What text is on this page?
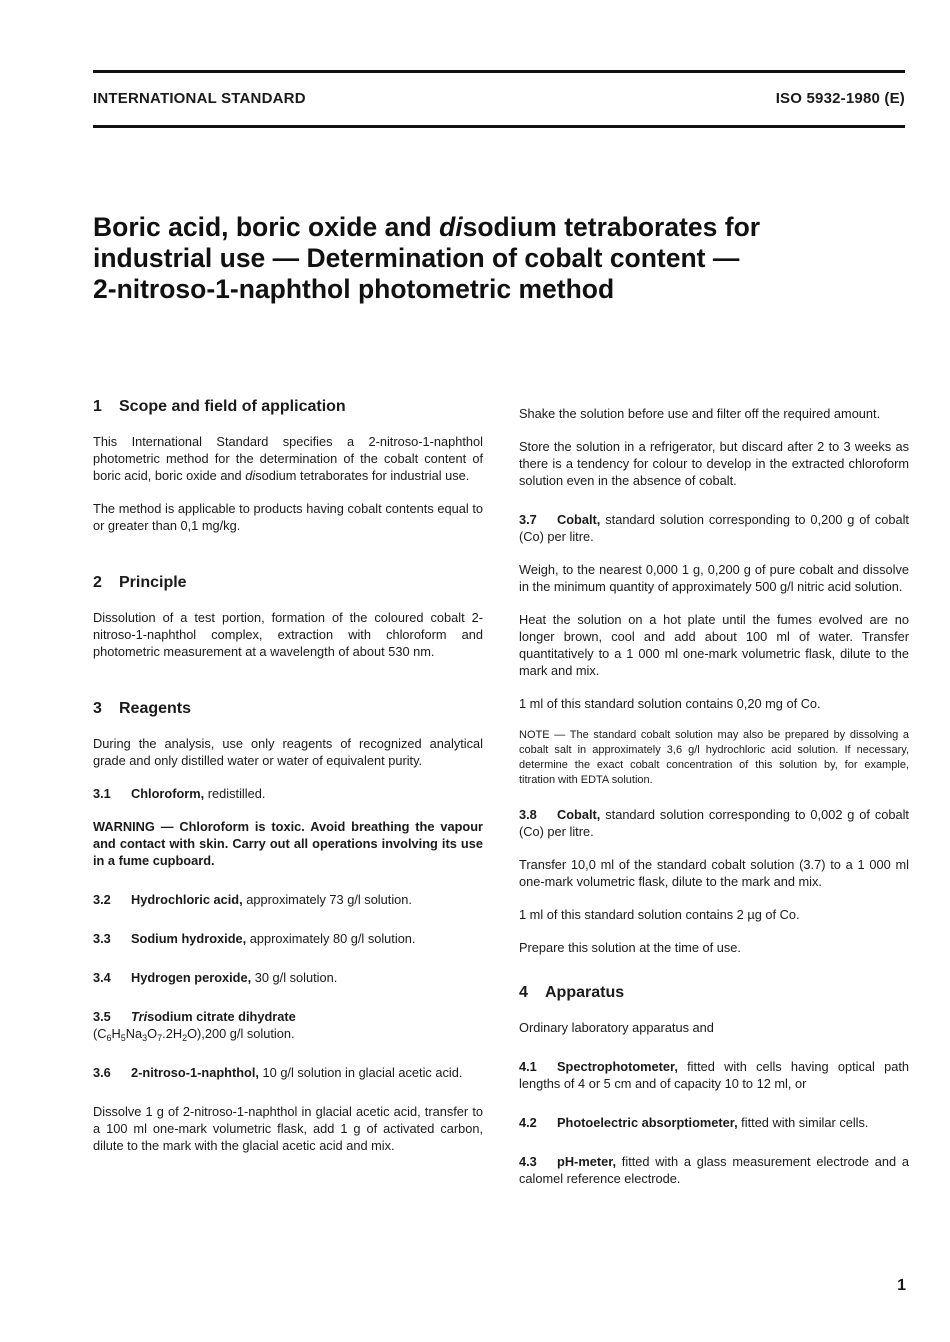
INTERNATIONAL STANDARD	ISO 5932-1980 (E)
Boric acid, boric oxide and disodium tetraborates for
industrial use — Determination of cobalt content —
2-nitroso-1-naphthol photometric method
1 Scope and field of application

This International Standard specifies a 2-nitroso-1-naphthol photometric method for the determination of the cobalt content of boric acid, boric oxide and disodium tetraborates for industrial use.

The method is applicable to products having cobalt contents equal to or greater than 0,1 mg/kg.

2 Principle

Dissolution of a test portion, formation of the coloured cobalt 2-nitroso-1-naphthol complex, extraction with chloroform and photometric measurement at a wavelength of about 530 nm.

3 Reagents

During the analysis, use only reagents of recognized analytical grade and only distilled water or water of equivalent purity.

3.1 Chloroform, redistilled.

WARNING — Chloroform is toxic. Avoid breathing the vapour and contact with skin. Carry out all operations involving its use in a fume cupboard.

3.2 Hydrochloric acid, approximately 73 g/l solution.

3.3 Sodium hydroxide, approximately 80 g/l solution.

3.4 Hydrogen peroxide, 30 g/l solution.

3.5 Trisodium citrate dihydrate
$(C_6H_5Na_3O_7.2H_2O),200$ g/l solution.

3.6 2-nitroso-1-naphthol, 10 g/l solution in glacial acetic acid.

Dissolve 1 g of 2-nitroso-1-naphthol in glacial acetic acid, transfer to a 100 ml one-mark volumetric flask, add 1 g of activated carbon, dilute to the mark with the glacial acetic acid and mix.

Shake the solution before use and filter off the required amount.

Store the solution in a refrigerator, but discard after 2 to 3 weeks as there is a tendency for colour to develop in the extracted chloroform solution even in the absence of cobalt.

3.7 Cobalt, standard solution corresponding to 0,200 g of cobalt (Co) per litre.

Weigh, to the nearest 0,000 1 g, 0,200 g of pure cobalt and dissolve in the minimum quantity of approximately 500 g/l nitric acid solution.

Heat the solution on a hot plate until the fumes evolved are no longer brown, cool and add about 100 ml of water. Transfer quantitatively to a 1 000 ml one-mark volumetric flask, dilute to the mark and mix.

1 ml of this standard solution contains 0,20 mg of Co.

NOTE — The standard cobalt solution may also be prepared by dissolving a cobalt salt in approximately 3,6 g/l hydrochloric acid solution. If necessary, determine the exact cobalt concentration of this solution by, for example, titration with EDTA solution.

3.8 Cobalt, standard solution corresponding to 0,002 g of cobalt (Co) per litre.

Transfer 10,0 ml of the standard cobalt solution (3.7) to a 1 000 ml one-mark volumetric flask, dilute to the mark and mix.

1 ml of this standard solution contains 2 µg of Co.

Prepare this solution at the time of use.

4 Apparatus

Ordinary laboratory apparatus and

4.1 Spectrophotometer, fitted with cells having optical path lengths of 4 or 5 cm and of capacity 10 to 12 ml, or

4.2 Photoelectric absorptiometer, fitted with similar cells.

4.3 pH-meter, fitted with a glass measurement electrode and a calomel reference electrode.

1
